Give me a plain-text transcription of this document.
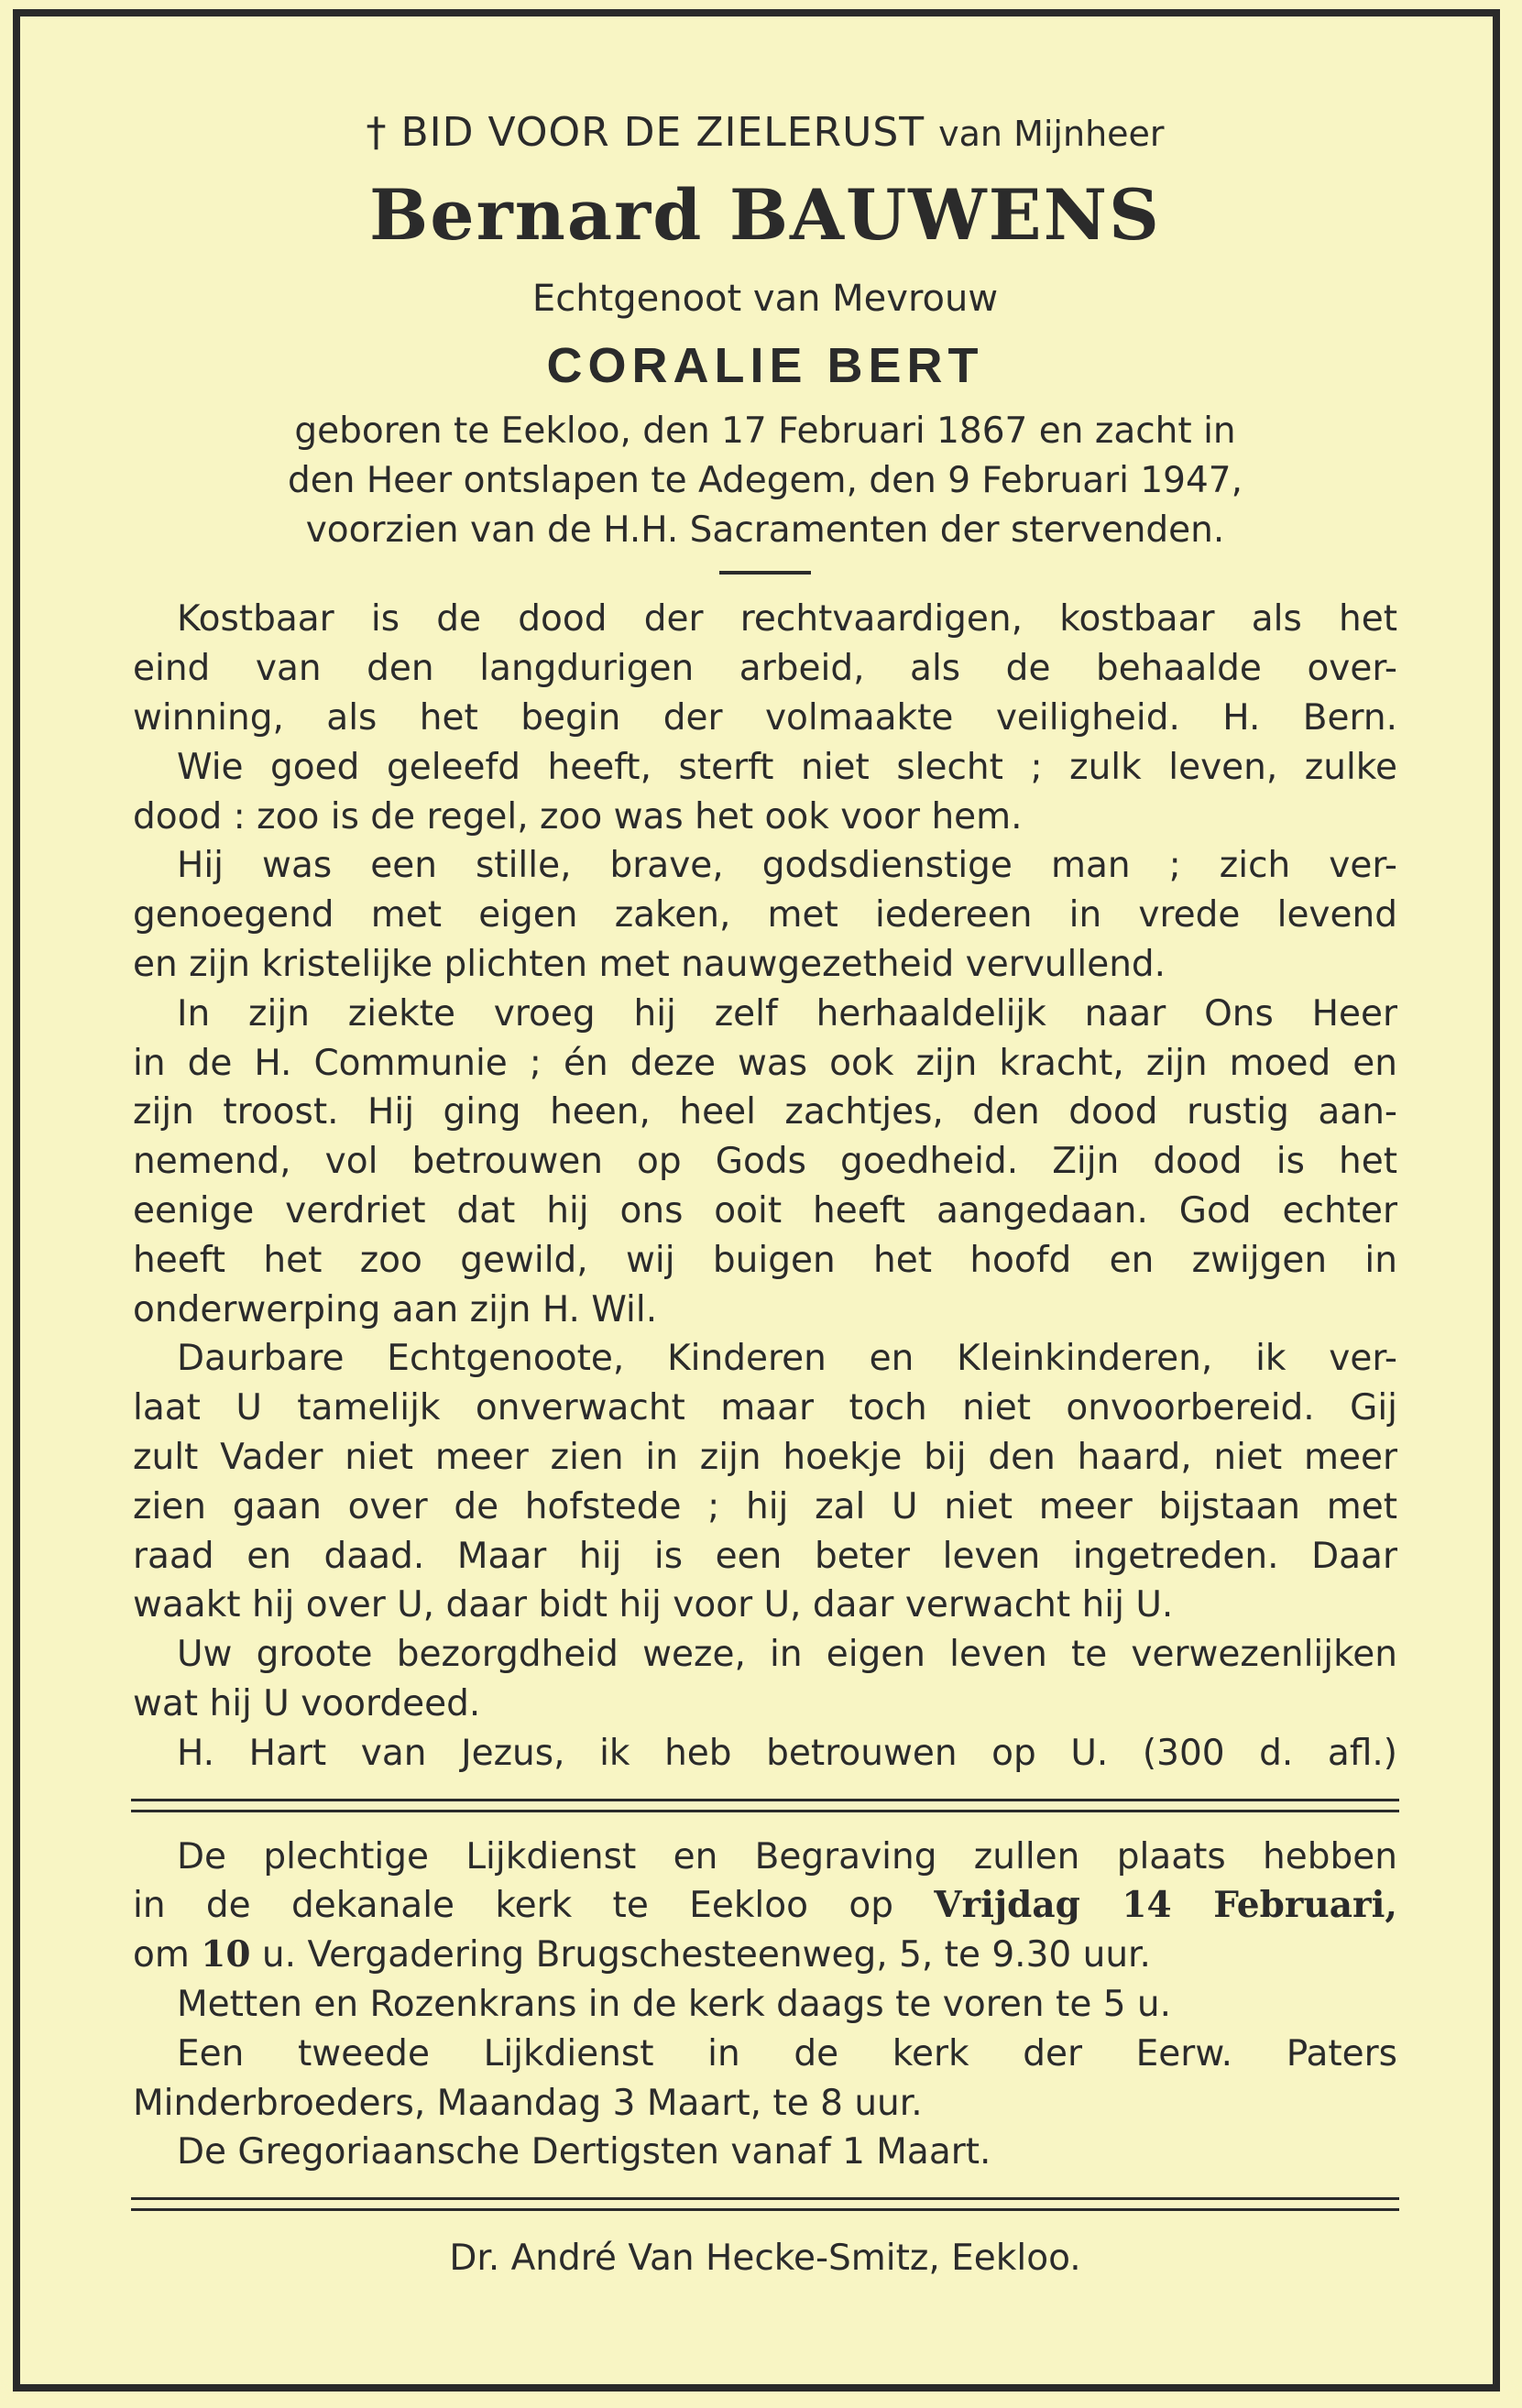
† BID VOOR DE ZIELERUST van Mijnheer
Bernard BAUWENS
Echtgenoot van Mevrouw
CORALIE BERT
geboren te Eekloo, den 17 Februari 1867 en zacht in
den Heer ontslapen te Adegem, den 9 Februari 1947,
voorzien van de H.H. Sacramenten der stervenden.
Kostbaar is de dood der rechtvaardigen, kostbaar als het
eind van den langdurigen arbeid, als de behaalde over-
winning, als het begin der volmaakte veiligheid. H. Bern.
Wie goed geleefd heeft, sterft niet slecht ; zulk leven, zulke
dood : zoo is de regel, zoo was het ook voor hem.
Hij was een stille, brave, godsdienstige man ; zich ver-
genoegend met eigen zaken, met iedereen in vrede levend
en zijn kristelijke plichten met nauwgezetheid vervullend.
In zijn ziekte vroeg hij zelf herhaaldelijk naar Ons Heer
in de H. Communie ; én deze was ook zijn kracht, zijn moed en
zijn troost. Hij ging heen, heel zachtjes, den dood rustig aan-
nemend, vol betrouwen op Gods goedheid. Zijn dood is het
eenige verdriet dat hij ons ooit heeft aangedaan. God echter
heeft het zoo gewild, wij buigen het hoofd en zwijgen in
onderwerping aan zijn H. Wil.
Daurbare Echtgenoote, Kinderen en Kleinkinderen, ik ver-
laat U tamelijk onverwacht maar toch niet onvoorbereid. Gij
zult Vader niet meer zien in zijn hoekje bij den haard, niet meer
zien gaan over de hofstede ; hij zal U niet meer bijstaan met
raad en daad. Maar hij is een beter leven ingetreden. Daar
waakt hij over U, daar bidt hij voor U, daar verwacht hij U.
Uw groote bezorgdheid weze, in eigen leven te verwezenlijken
wat hij U voordeed.
H. Hart van Jezus, ik heb betrouwen op U. (300 d. afl.)
De plechtige Lijkdienst en Begraving zullen plaats hebben
in de dekanale kerk te Eekloo op Vrijdag 14 Februari,
om 10 u. Vergadering Brugschesteenweg, 5, te 9.30 uur.
Metten en Rozenkrans in de kerk daags te voren te 5 u.
Een tweede Lijkdienst in de kerk der Eerw. Paters
Minderbroeders, Maandag 3 Maart, te 8 uur.
De Gregoriaansche Dertigsten vanaf 1 Maart.
Dr. André Van Hecke-Smitz, Eekloo.
